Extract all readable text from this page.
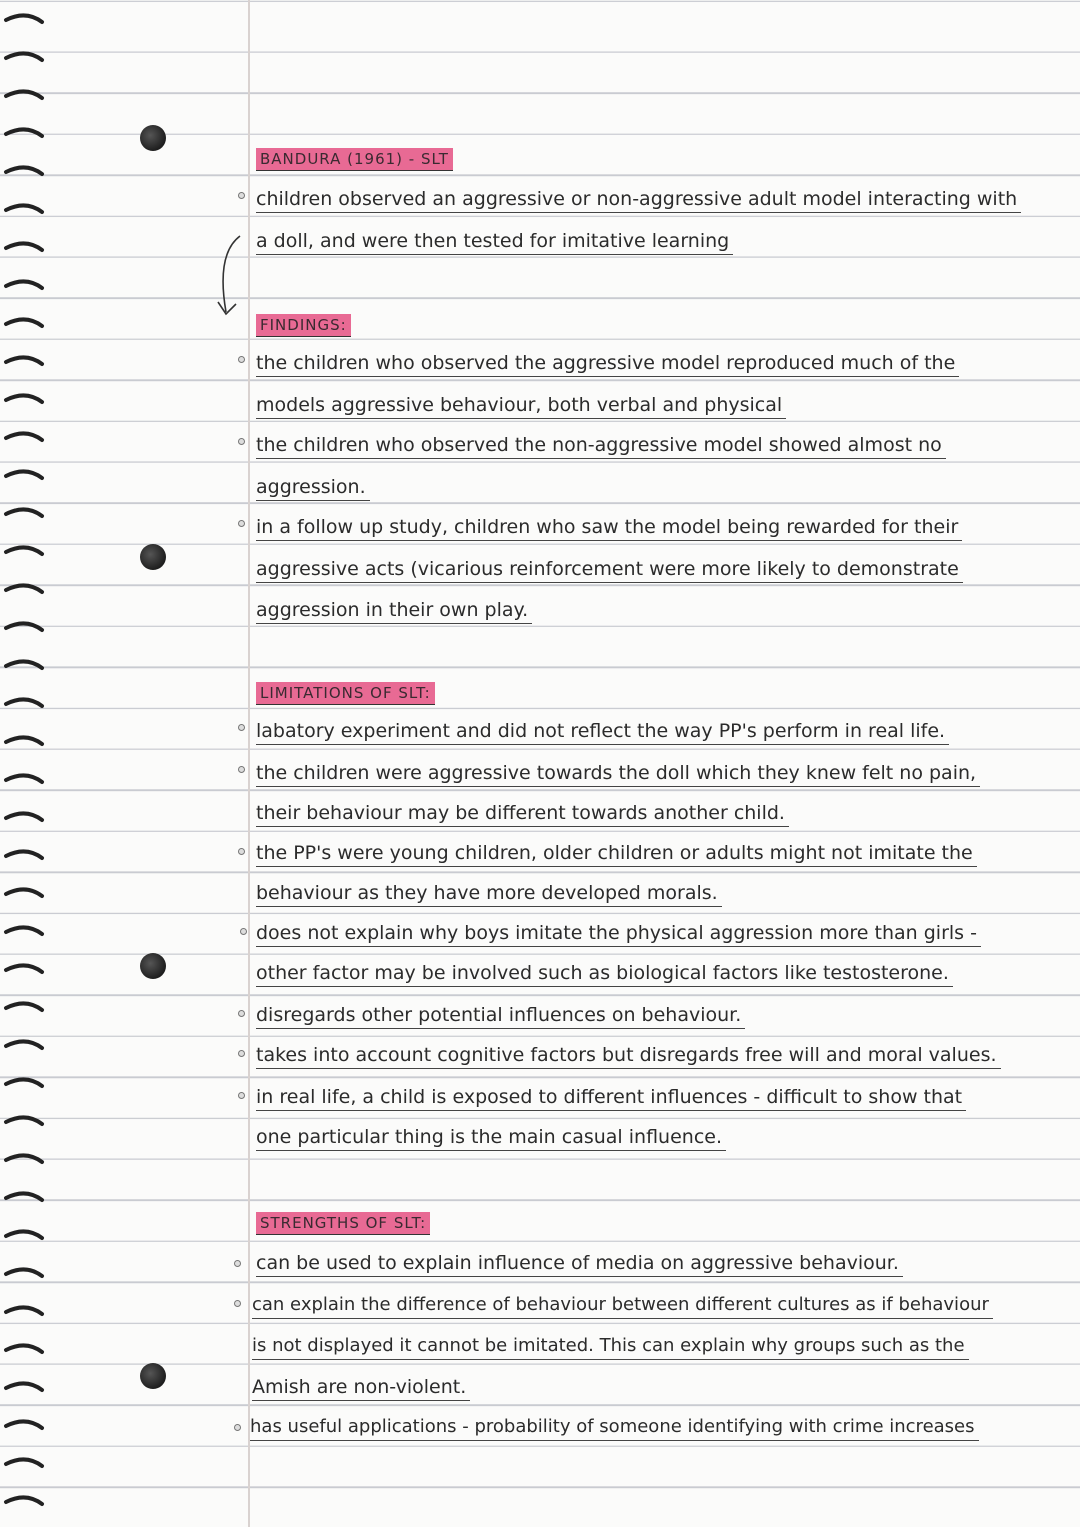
BANDURA (1961) - SLT
children observed an aggressive or non-aggressive adult model interacting with
a doll, and were then tested for imitative learning
FINDINGS:
the children who observed the aggressive model reproduced much of the
models aggressive behaviour, both verbal and physical
the children who observed the non-aggressive model showed almost no
aggression.
in a follow up study, children who saw the model being rewarded for their
aggressive acts (vicarious reinforcement were more likely to demonstrate
aggression in their own play.
LIMITATIONS OF SLT:
labatory experiment and did not reflect the way PP's perform in real life.
the children were aggressive towards the doll which they knew felt no pain,
their behaviour may be different towards another child.
the PP's were young children, older children or adults might not imitate the
behaviour as they have more developed morals.
does not explain why boys imitate the physical aggression more than girls -
other factor may be involved such as biological factors like testosterone.
disregards other potential influences on behaviour.
takes into account cognitive factors but disregards free will and moral values.
in real life, a child is exposed to different influences - difficult to show that
one particular thing is the main casual influence.
STRENGTHS OF SLT:
can be used to explain influence of media on aggressive behaviour.
can explain the difference of behaviour between different cultures as if behaviour
is not displayed it cannot be imitated. This can explain why groups such as the
Amish are non-violent.
has useful applications - probability of someone identifying with crime increases
